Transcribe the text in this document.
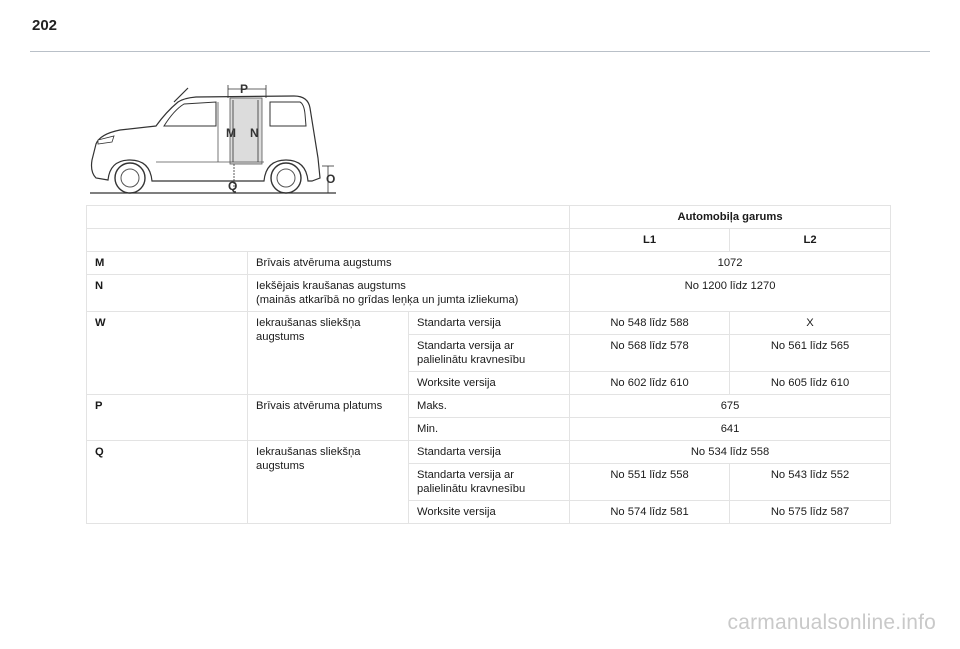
202
P
M N
Q	O
			Automobiļa garums	
			L1	L2
M	Brīvais atvēruma augstums		1072	
N	Iekšējais kraušanas augstums
(mainās atkarībā no grīdas leņķa un jumta izliekuma)		No 1200 līdz 1270	
W	Iekraušanas sliekšņa augstums	Standarta versija	No 548 līdz 588	X
		Standarta versija ar palielinātu kravnesību	No 568 līdz 578	No 561 līdz 565
		Worksite versija	No 602 līdz 610	No 605 līdz 610
P	Brīvais atvēruma platums	Maks.	675	
		Min.	641	
Q	Iekraušanas sliekšņa augstums	Standarta versija	No 534 līdz 558	
		Standarta versija ar palielinātu kravnesību	No 551 līdz 558	No 543 līdz 552
		Worksite versija	No 574 līdz 581	No 575 līdz 587
carmanualsonline.info
